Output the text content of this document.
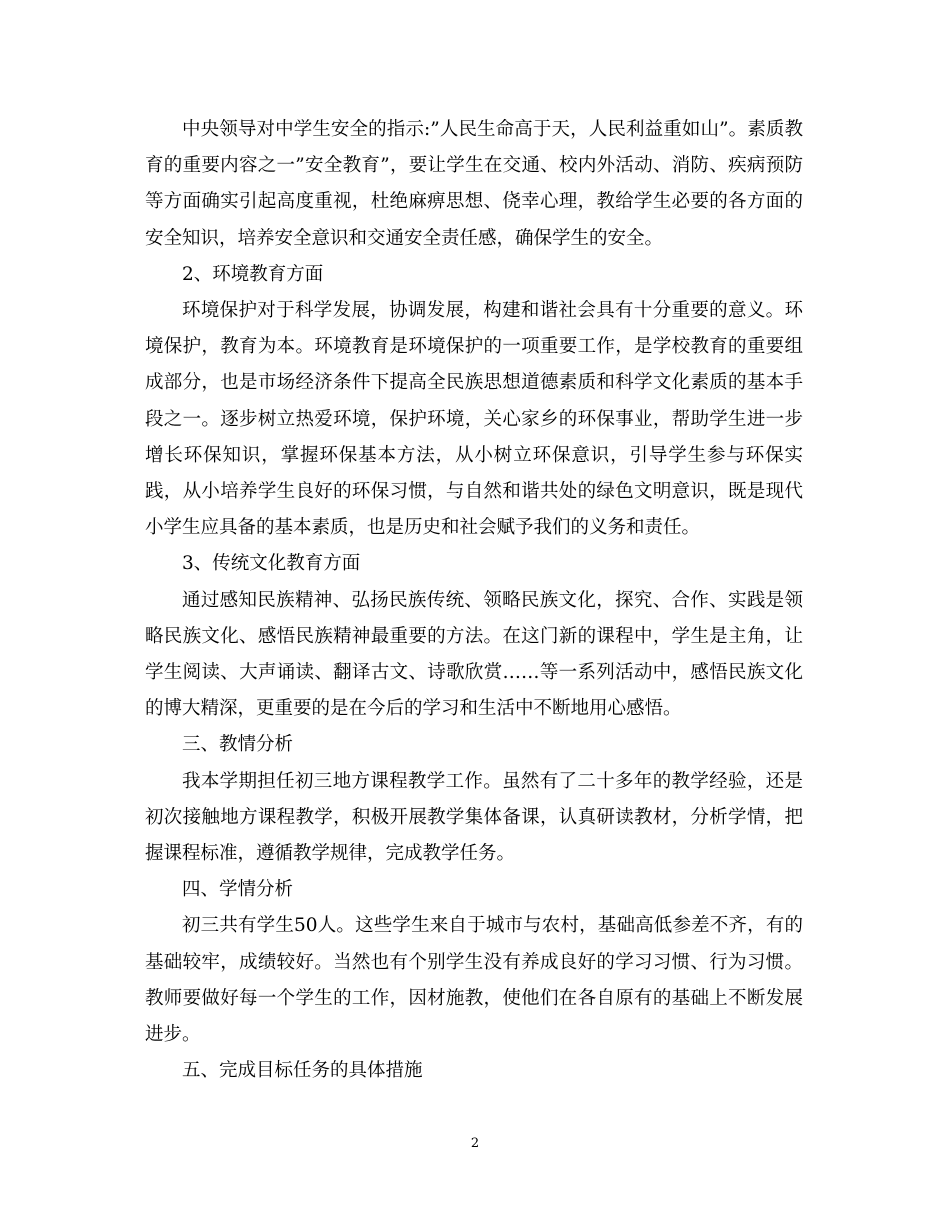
中央领导对中学生安全的指示:”人民生命高于天，人民利益重如山”。素质教育的重要内容之一”安全教育”，要让学生在交通、校内外活动、消防、疾病预防等方面确实引起高度重视，杜绝麻痹思想、侥幸心理，教给学生必要的各方面的安全知识，培养安全意识和交通安全责任感，确保学生的安全。

2、环境教育方面

环境保护对于科学发展，协调发展，构建和谐社会具有十分重要的意义。环境保护，教育为本。环境教育是环境保护的一项重要工作，是学校教育的重要组成部分，也是市场经济条件下提高全民族思想道德素质和科学文化素质的基本手段之一。逐步树立热爱环境，保护环境，关心家乡的环保事业，帮助学生进一步增长环保知识，掌握环保基本方法，从小树立环保意识，引导学生参与环保实践，从小培养学生良好的环保习惯，与自然和谐共处的绿色文明意识，既是现代小学生应具备的基本素质，也是历史和社会赋予我们的义务和责任。

3、传统文化教育方面

通过感知民族精神、弘扬民族传统、领略民族文化，探究、合作、实践是领略民族文化、感悟民族精神最重要的方法。在这门新的课程中，学生是主角，让学生阅读、大声诵读、翻译古文、诗歌欣赏……等一系列活动中，感悟民族文化的博大精深，更重要的是在今后的学习和生活中不断地用心感悟。

三、教情分析

我本学期担任初三地方课程教学工作。虽然有了二十多年的教学经验，还是初次接触地方课程教学，积极开展教学集体备课，认真研读教材，分析学情，把握课程标准，遵循教学规律，完成教学任务。

四、学情分析

初三共有学生50人。这些学生来自于城市与农村，基础高低参差不齐，有的基础较牢，成绩较好。当然也有个别学生没有养成良好的学习习惯、行为习惯。教师要做好每一个学生的工作，因材施教，使他们在各自原有的基础上不断发展进步。

五、完成目标任务的具体措施

2
